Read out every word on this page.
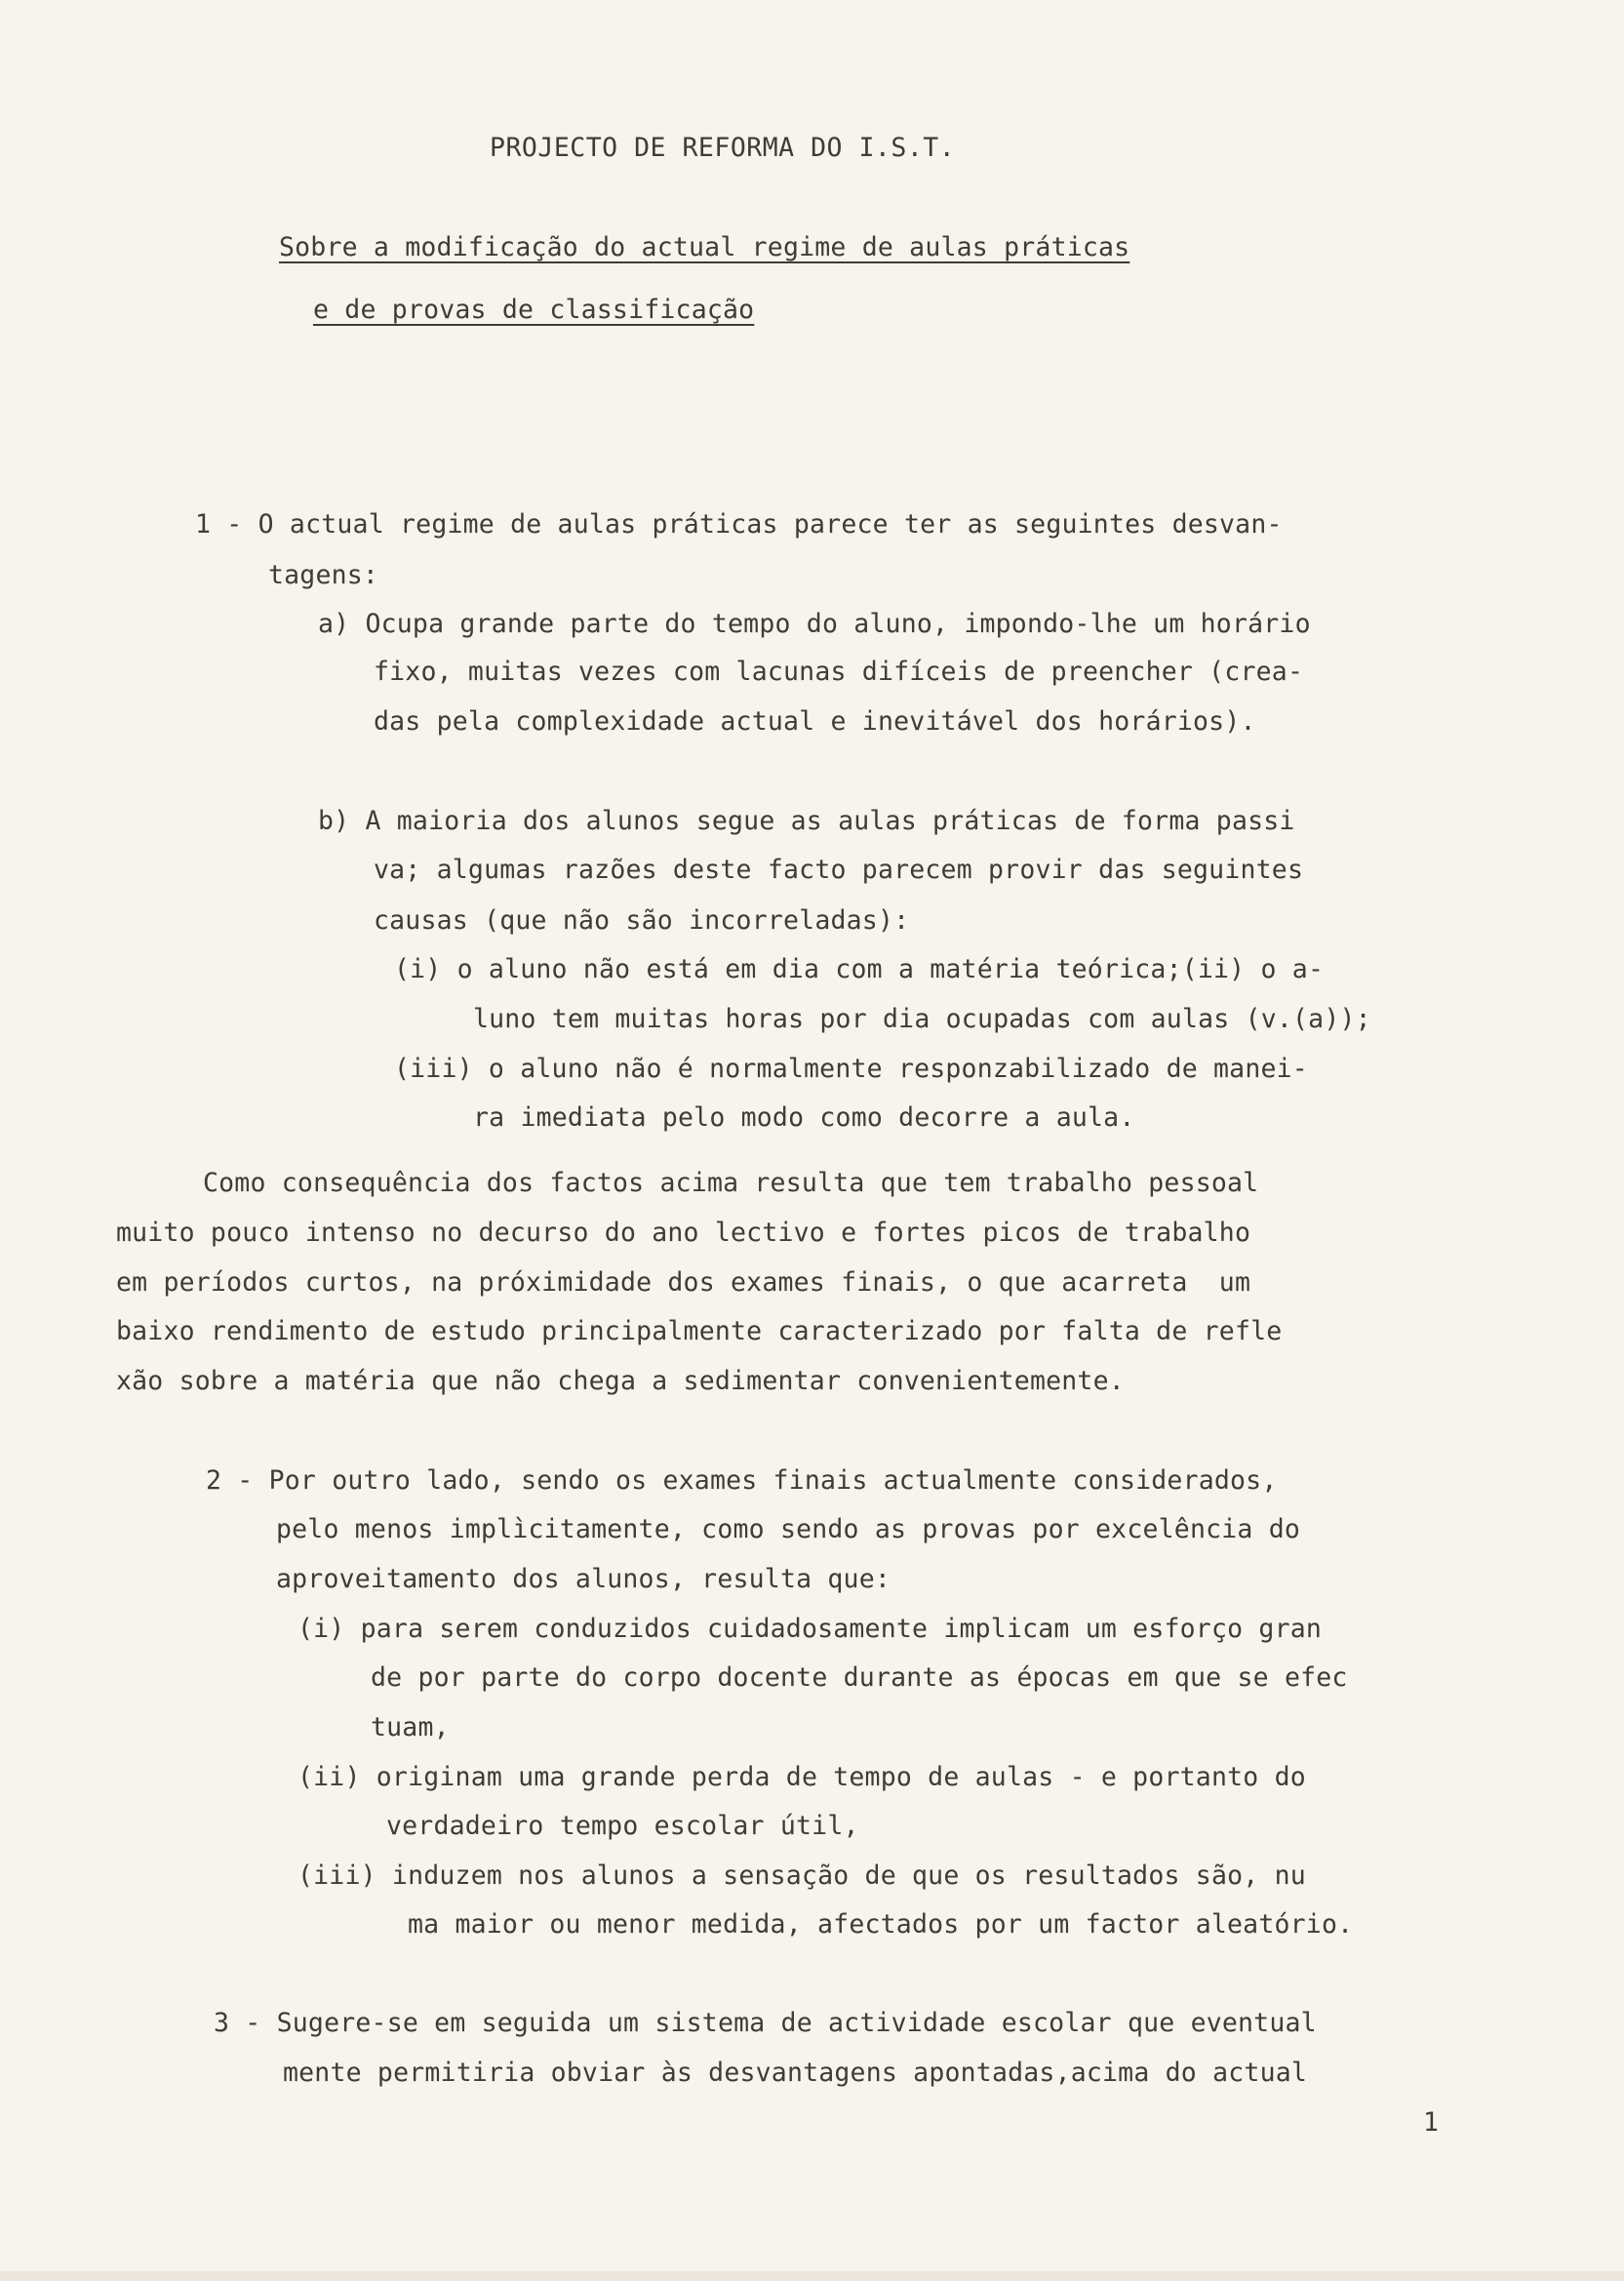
PROJECTO DE REFORMA DO I.S.T.
Sobre a modificação do actual regime de aulas práticas
e de provas de classificação
1 - O actual regime de aulas práticas parece ter as seguintes desvan-
tagens:
a) Ocupa grande parte do tempo do aluno, impondo-lhe um horário
fixo, muitas vezes com lacunas difíceis de preencher (crea-
das pela complexidade actual e inevitável dos horários).
b) A maioria dos alunos segue as aulas práticas de forma passi
va; algumas razões deste facto parecem provir das seguintes
causas (que não são incorreladas):
(i) o aluno não está em dia com a matéria teórica;(ii) o a-
luno tem muitas horas por dia ocupadas com aulas (v.(a));
(iii) o aluno não é normalmente responzabilizado de manei-
ra imediata pelo modo como decorre a aula.
Como consequência dos factos acima resulta que tem trabalho pessoal
muito pouco intenso no decurso do ano lectivo e fortes picos de trabalho
em períodos curtos, na próximidade dos exames finais, o que acarreta  um
baixo rendimento de estudo principalmente caracterizado por falta de refle
xão sobre a matéria que não chega a sedimentar convenientemente.
2 - Por outro lado, sendo os exames finais actualmente considerados,
pelo menos implìcitamente, como sendo as provas por excelência do
aproveitamento dos alunos, resulta que:
(i) para serem conduzidos cuidadosamente implicam um esforço gran
de por parte do corpo docente durante as épocas em que se efec
tuam,
(ii) originam uma grande perda de tempo de aulas - e portanto do
verdadeiro tempo escolar útil,
(iii) induzem nos alunos a sensação de que os resultados são, nu
ma maior ou menor medida, afectados por um factor aleatório.
3 - Sugere-se em seguida um sistema de actividade escolar que eventual
mente permitiria obviar às desvantagens apontadas,acima do actual
1
